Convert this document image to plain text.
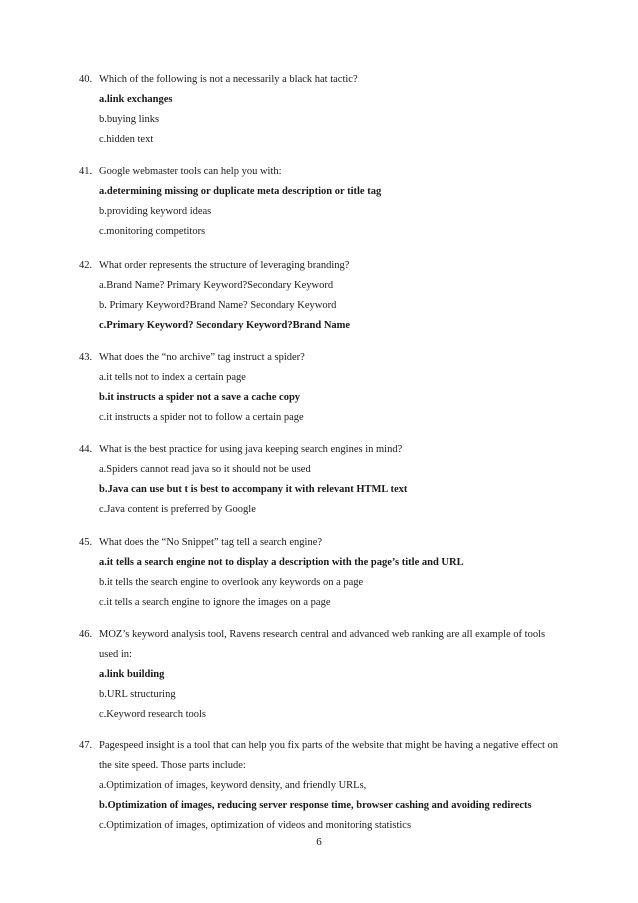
40. Which of the following is not a necessarily a black hat tactic?
a.link exchanges
b.buying links
c.hidden text
41. Google webmaster tools can help you with:
a.determining missing or duplicate meta description or title tag
b.providing keyword ideas
c.monitoring competitors
42. What order represents the structure of leveraging branding?
a.Brand Name? Primary Keyword?Secondary Keyword
b. Primary Keyword?Brand Name? Secondary Keyword
c.Primary Keyword? Secondary Keyword?Brand Name
43. What does the “no archive” tag instruct a spider?
a.it tells not to index a certain page
b.it instructs a spider not a save a cache copy
c.it instructs a spider not to follow a certain page
44. What is the best practice for using java keeping search engines in mind?
a.Spiders cannot read java so it should not be used
b.Java can use but t is best to accompany it with relevant HTML text
c.Java content is preferred by Google
45. What does the “No Snippet” tag tell a search engine?
a.it tells a search engine not to display a description with the page’s title and URL
b.it tells the search engine to overlook any keywords on a page
c.it tells a search engine to ignore the images on a page
46. MOZ’s keyword analysis tool, Ravens research central and advanced web ranking are all example of tools
used in:
a.link building
b.URL structuring
c.Keyword research tools
47. Pagespeed insight is a tool that can help you fix parts of the website that might be having a negative effect on
the site speed. Those parts include:
a.Optimization of images, keyword density, and friendly URLs,
b.Optimization of images, reducing server response time, browser cashing and avoiding redirects
c.Optimization of images, optimization of videos and monitoring statistics
6
